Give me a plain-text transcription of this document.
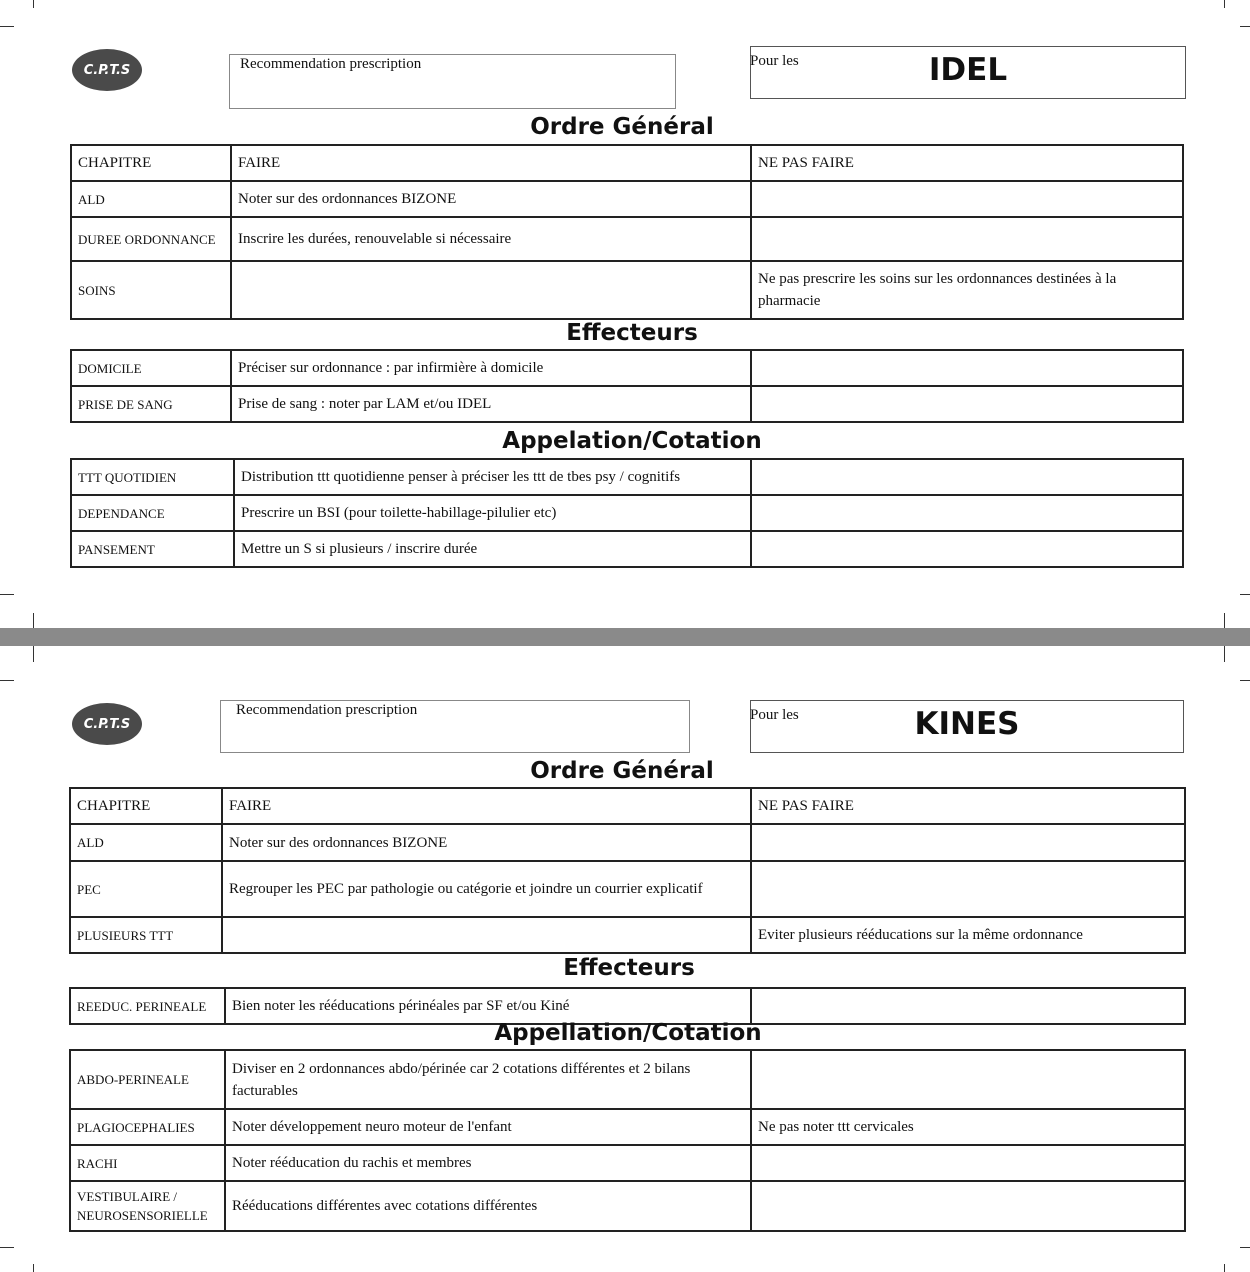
C.P.T.S	Recommendation prescription	Pour les	IDEL
Ordre Général
CHAPITRE	FAIRE	NE PAS FAIRE
ALD	Noter sur des ordonnances BIZONE	
DUREE ORDONNANCE	Inscrire les durées, renouvelable si nécessaire	
SOINS		Ne pas prescrire les soins sur les ordonnances destinées à la pharmacie
Effecteurs
DOMICILE	Préciser sur ordonnance : par infirmière à domicile	
PRISE DE SANG	Prise de sang : noter par LAM et/ou IDEL	
Appelation/Cotation
TTT QUOTIDIEN	Distribution ttt quotidienne penser à préciser les ttt de tbes psy / cognitifs	
DEPENDANCE	Prescrire un BSI (pour toilette-habillage-pilulier etc)	
PANSEMENT	Mettre un S si plusieurs / inscrire durée	
C.P.T.S
Recommendation prescription	Pour les	KINES
Ordre Général
CHAPITRE	FAIRE	NE PAS FAIRE
ALD	Noter sur des ordonnances BIZONE	
PEC	Regrouper les PEC par pathologie ou catégorie et joindre un courrier explicatif	
PLUSIEURS TTT		Eviter plusieurs rééducations sur la même ordonnance
Effecteurs
REEDUC. PERINEALE	Bien noter les rééducations périnéales par SF et/ou Kiné	
Appellation/Cotation
ABDO-PERINEALE	Diviser en 2 ordonnances abdo/périnée car 2 cotations différentes et 2 bilans facturables	
PLAGIOCEPHALIES	Noter développement neuro moteur de l'enfant	Ne pas noter ttt cervicales
RACHI	Noter rééducation du rachis et membres	
VESTIBULAIRE / NEUROSENSORIELLE	Rééducations différentes avec cotations différentes	
